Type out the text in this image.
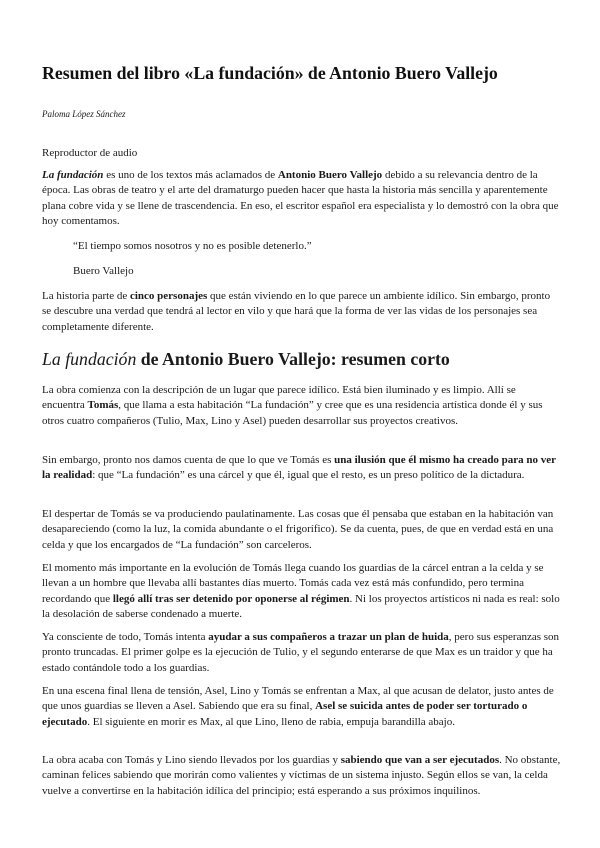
Resumen del libro «La fundación» de Antonio Buero Vallejo

Paloma López Sánchez

Reproductor de audio

La fundación es uno de los textos más aclamados de Antonio Buero Vallejo debido a su relevancia dentro de la época. Las obras de teatro y el arte del dramaturgo pueden hacer que hasta la historia más sencilla y aparentemente plana cobre vida y se llene de trascendencia. En eso, el escritor español era especialista y lo demostró con la obra que hoy comentamos.

“El tiempo somos nosotros y no es posible detenerlo.”

Buero Vallejo

La historia parte de cinco personajes que están viviendo en lo que parece un ambiente idílico. Sin embargo, pronto se descubre una verdad que tendrá al lector en vilo y que hará que la forma de ver las vidas de los personajes sea completamente diferente.

La fundación de Antonio Buero Vallejo: resumen corto

La obra comienza con la descripción de un lugar que parece idílico. Está bien iluminado y es limpio. Allí se encuentra Tomás, que llama a esta habitación “La fundación” y cree que es una residencia artística donde él y sus otros cuatro compañeros (Tulio, Max, Lino y Asel) pueden desarrollar sus proyectos creativos.

Sin embargo, pronto nos damos cuenta de que lo que ve Tomás es una ilusión que él mismo ha creado para no ver la realidad: que “La fundación” es una cárcel y que él, igual que el resto, es un preso político de la dictadura.

El despertar de Tomás se va produciendo paulatinamente. Las cosas que él pensaba que estaban en la habitación van desapareciendo (como la luz, la comida abundante o el frigorífico). Se da cuenta, pues, de que en verdad está en una celda y que los encargados de “La fundación” son carceleros.

El momento más importante en la evolución de Tomás llega cuando los guardias de la cárcel entran a la celda y se llevan a un hombre que llevaba allí bastantes días muerto. Tomás cada vez está más confundido, pero termina recordando que llegó allí tras ser detenido por oponerse al régimen. Ni los proyectos artísticos ni nada es real: solo la desolación de saberse condenado a muerte.

Ya consciente de todo, Tomás intenta ayudar a sus compañeros a trazar un plan de huida, pero sus esperanzas son pronto truncadas. El primer golpe es la ejecución de Tulio, y el segundo enterarse de que Max es un traidor y que ha estado contándole todo a los guardias.

En una escena final llena de tensión, Asel, Lino y Tomás se enfrentan a Max, al que acusan de delator, justo antes de que unos guardias se lleven a Asel. Sabiendo que era su final, Asel se suicida antes de poder ser torturado o ejecutado. El siguiente en morir es Max, al que Lino, lleno de rabia, empuja barandilla abajo.

La obra acaba con Tomás y Lino siendo llevados por los guardias y sabiendo que van a ser ejecutados. No obstante, caminan felices sabiendo que morirán como valientes y víctimas de un sistema injusto. Según ellos se van, la celda vuelve a convertirse en la habitación idílica del principio; está esperando a sus próximos inquilinos.
